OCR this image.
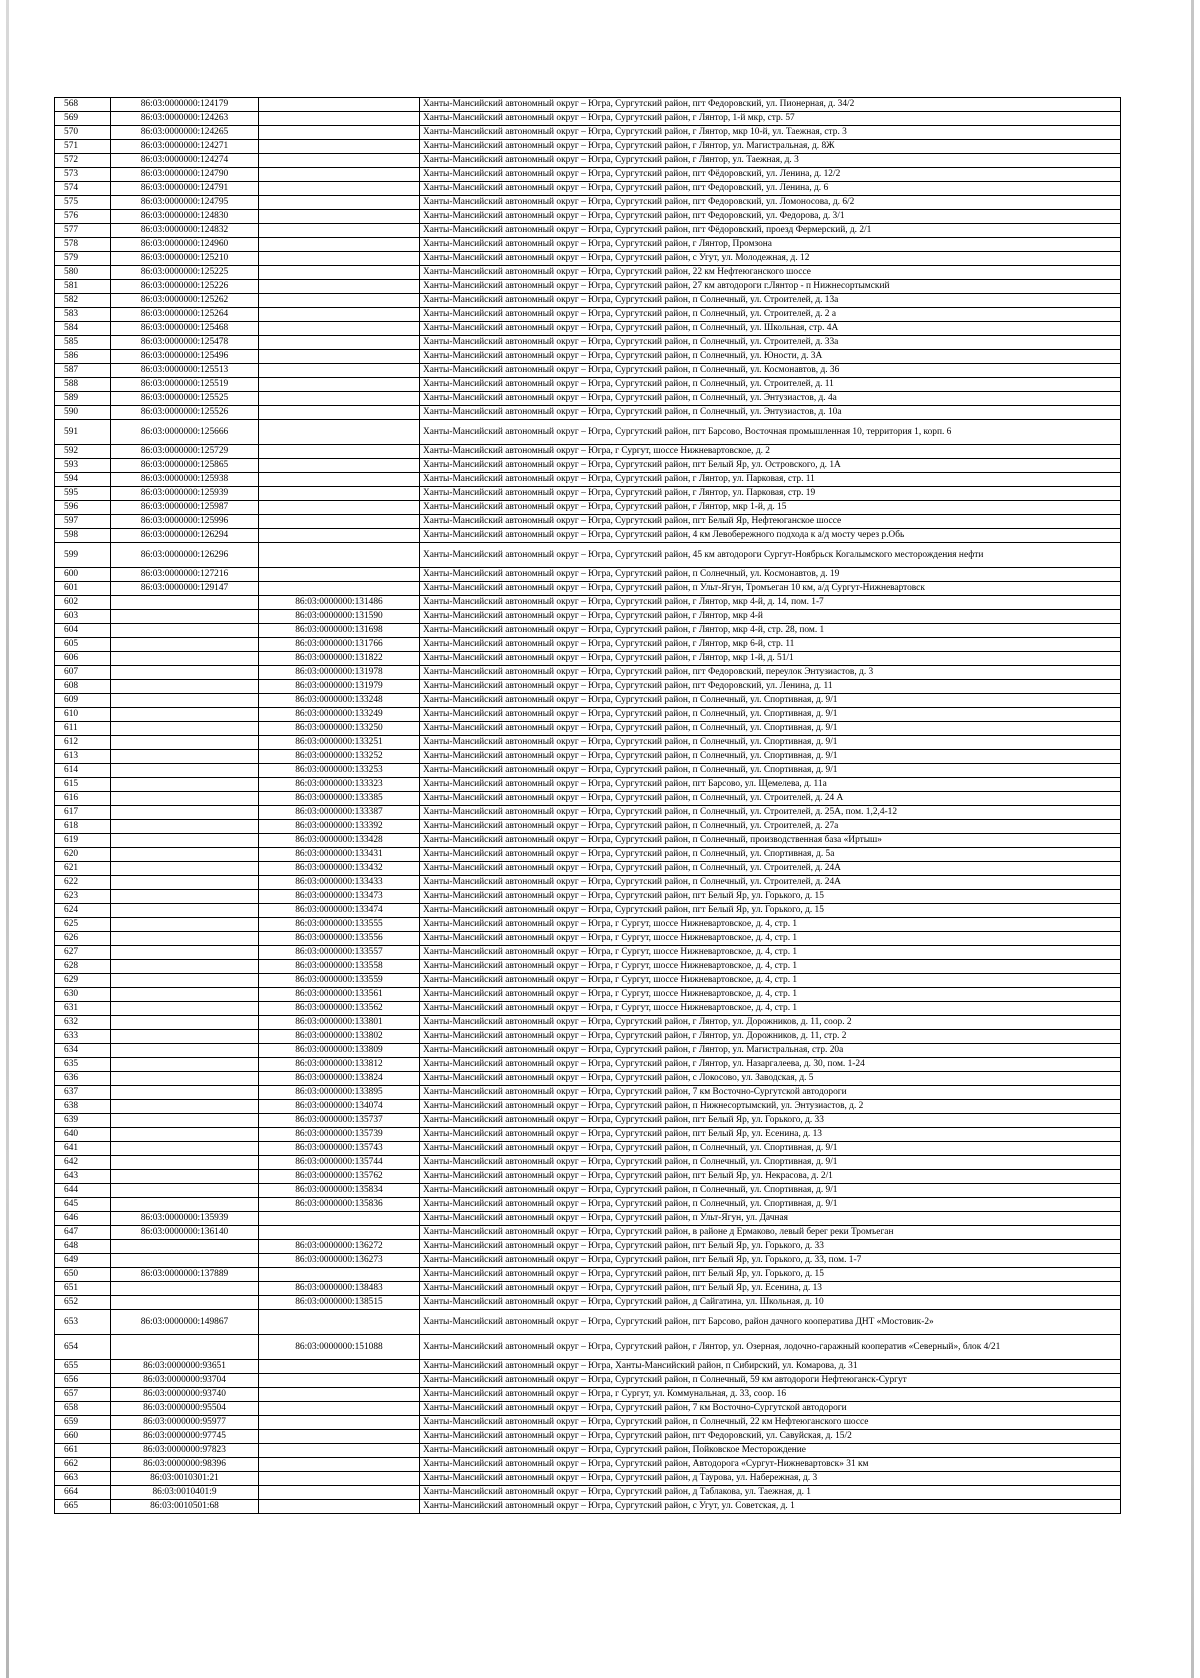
568	86:03:0000000:124179		Ханты-Мансийский автономный округ – Югра, Сургутский район, пгт Федоровский, ул. Пионерная, д. 34/2
569	86:03:0000000:124263		Ханты-Мансийский автономный округ – Югра, Сургутский район, г Лянтор, 1-й мкр, стр. 57
570	86:03:0000000:124265		Ханты-Мансийский автономный округ – Югра, Сургутский район, г Лянтор, мкр 10-й, ул. Таежная, стр. 3
571	86:03:0000000:124271		Ханты-Мансийский автономный округ – Югра, Сургутский район, г Лянтор, ул. Магистральная, д. 8Ж
572	86:03:0000000:124274		Ханты-Мансийский автономный округ – Югра, Сургутский район, г Лянтор, ул. Таежная, д. 3
573	86:03:0000000:124790		Ханты-Мансийский автономный округ – Югра, Сургутский район, пгт Фёдоровский, ул. Ленина, д. 12/2
574	86:03:0000000:124791		Ханты-Мансийский автономный округ – Югра, Сургутский район, пгт Федоровский, ул. Ленина, д. 6
575	86:03:0000000:124795		Ханты-Мансийский автономный округ – Югра, Сургутский район, пгт Федоровский, ул. Ломоносова, д. 6/2
576	86:03:0000000:124830		Ханты-Мансийский автономный округ – Югра, Сургутский район, пгт Федоровский, ул. Федорова, д. 3/1
577	86:03:0000000:124832		Ханты-Мансийский автономный округ – Югра, Сургутский район, пгт Фёдоровский, проезд Фермерский, д. 2/1
578	86:03:0000000:124960		Ханты-Мансийский автономный округ – Югра, Сургутский район, г Лянтор, Промзона
579	86:03:0000000:125210		Ханты-Мансийский автономный округ – Югра, Сургутский район, с Угут, ул. Молодежная, д. 12
580	86:03:0000000:125225		Ханты-Мансийский автономный округ – Югра, Сургутский район, 22 км Нефтеюганского шоссе
581	86:03:0000000:125226		Ханты-Мансийский автономный округ – Югра, Сургутский район, 27 км автодороги г.Лянтор - п Нижнесортымский
582	86:03:0000000:125262		Ханты-Мансийский автономный округ – Югра, Сургутский район, п Солнечный, ул. Строителей, д. 13а
583	86:03:0000000:125264		Ханты-Мансийский автономный округ – Югра, Сургутский район, п Солнечный, ул. Строителей, д. 2 а
584	86:03:0000000:125468		Ханты-Мансийский автономный округ – Югра, Сургутский район, п Солнечный, ул. Школьная, стр. 4А
585	86:03:0000000:125478		Ханты-Мансийский автономный округ – Югра, Сургутский район, п Солнечный, ул. Строителей, д. 33а
586	86:03:0000000:125496		Ханты-Мансийский автономный округ – Югра, Сургутский район, п Солнечный, ул. Юности, д. 3А
587	86:03:0000000:125513		Ханты-Мансийский автономный округ – Югра, Сургутский район, п Солнечный, ул. Космонавтов, д. 36
588	86:03:0000000:125519		Ханты-Мансийский автономный округ – Югра, Сургутский район, п Солнечный, ул. Строителей, д. 11
589	86:03:0000000:125525		Ханты-Мансийский автономный округ – Югра, Сургутский район, п Солнечный, ул. Энтузиастов, д. 4а
590	86:03:0000000:125526		Ханты-Мансийский автономный округ – Югра, Сургутский район, п Солнечный, ул. Энтузиастов, д. 10а
591	86:03:0000000:125666		Ханты-Мансийский автономный округ – Югра, Сургутский район, пгт Барсово, Восточная промышленная 10, территория 1, корп. 6
592	86:03:0000000:125729		Ханты-Мансийский автономный округ – Югра, г Сургут, шоссе Нижневартовское, д. 2
593	86:03:0000000:125865		Ханты-Мансийский автономный округ – Югра, Сургутский район, пгт Белый Яр, ул. Островского, д. 1А
594	86:03:0000000:125938		Ханты-Мансийский автономный округ – Югра, Сургутский район, г Лянтор, ул. Парковая, стр. 11
595	86:03:0000000:125939		Ханты-Мансийский автономный округ – Югра, Сургутский район, г Лянтор, ул. Парковая, стр. 19
596	86:03:0000000:125987		Ханты-Мансийский автономный округ – Югра, Сургутский район, г Лянтор, мкр 1-й, д. 15
597	86:03:0000000:125996		Ханты-Мансийский автономный округ – Югра, Сургутский район, пгт Белый Яр, Нефтеюганское шоссе
598	86:03:0000000:126294		Ханты-Мансийский автономный округ – Югра, Сургутский район, 4 км Левобережного подхода к а/д мосту через р.Обь
599	86:03:0000000:126296		Ханты-Мансийский автономный округ – Югра, Сургутский район, 45 км автодороги Сургут-Ноябрьск Когалымского месторождения нефти
600	86:03:0000000:127216		Ханты-Мансийский автономный округ – Югра, Сургутский район, п Солнечный, ул. Космонавтов, д. 19
601	86:03:0000000:129147		Ханты-Мансийский автономный округ – Югра, Сургутский район, п Ульт-Ягун, Тромъеган 10 км, а/д Сургут-Нижневартовск
602		86:03:0000000:131486	Ханты-Мансийский автономный округ – Югра, Сургутский район, г Лянтор, мкр 4-й, д. 14, пом. 1-7
603		86:03:0000000:131590	Ханты-Мансийский автономный округ – Югра, Сургутский район, г Лянтор, мкр 4-й
604		86:03:0000000:131698	Ханты-Мансийский автономный округ – Югра, Сургутский район, г Лянтор, мкр 4-й, стр. 28, пом. 1
605		86:03:0000000:131766	Ханты-Мансийский автономный округ – Югра, Сургутский район, г Лянтор, мкр 6-й, стр. 11
606		86:03:0000000:131822	Ханты-Мансийский автономный округ – Югра, Сургутский район, г Лянтор, мкр 1-й, д. 51/1
607		86:03:0000000:131978	Ханты-Мансийский автономный округ – Югра, Сургутский район, пгт Федоровский, переулок Энтузиастов, д. 3
608		86:03:0000000:131979	Ханты-Мансийский автономный округ – Югра, Сургутский район, пгт Федоровский, ул. Ленина, д. 11
609		86:03:0000000:133248	Ханты-Мансийский автономный округ – Югра, Сургутский район, п Солнечный, ул. Спортивная, д. 9/1
610		86:03:0000000:133249	Ханты-Мансийский автономный округ – Югра, Сургутский район, п Солнечный, ул. Спортивная, д. 9/1
611		86:03:0000000:133250	Ханты-Мансийский автономный округ – Югра, Сургутский район, п Солнечный, ул. Спортивная, д. 9/1
612		86:03:0000000:133251	Ханты-Мансийский автономный округ – Югра, Сургутский район, п Солнечный, ул. Спортивная, д. 9/1
613		86:03:0000000:133252	Ханты-Мансийский автономный округ – Югра, Сургутский район, п Солнечный, ул. Спортивная, д. 9/1
614		86:03:0000000:133253	Ханты-Мансийский автономный округ – Югра, Сургутский район, п Солнечный, ул. Спортивная, д. 9/1
615		86:03:0000000:133323	Ханты-Мансийский автономный округ – Югра, Сургутский район, пгт Барсово, ул. Щемелева, д. 11а
616		86:03:0000000:133385	Ханты-Мансийский автономный округ – Югра, Сургутский район, п Солнечный, ул. Строителей, д. 24 А
617		86:03:0000000:133387	Ханты-Мансийский автономный округ – Югра, Сургутский район, п Солнечный, ул. Строителей, д. 25А, пом. 1,2,4-12
618		86:03:0000000:133392	Ханты-Мансийский автономный округ – Югра, Сургутский район, п Солнечный, ул. Строителей, д. 27а
619		86:03:0000000:133428	Ханты-Мансийский автономный округ – Югра, Сургутский район, п Солнечный, производственная база «Иртыш»
620		86:03:0000000:133431	Ханты-Мансийский автономный округ – Югра, Сургутский район, п Солнечный, ул. Спортивная, д. 5а
621		86:03:0000000:133432	Ханты-Мансийский автономный округ – Югра, Сургутский район, п Солнечный, ул. Строителей, д. 24А
622		86:03:0000000:133433	Ханты-Мансийский автономный округ – Югра, Сургутский район, п Солнечный, ул. Строителей, д. 24А
623		86:03:0000000:133473	Ханты-Мансийский автономный округ – Югра, Сургутский район, пгт Белый Яр, ул. Горького, д. 15
624		86:03:0000000:133474	Ханты-Мансийский автономный округ – Югра, Сургутский район, пгт Белый Яр, ул. Горького, д. 15
625		86:03:0000000:133555	Ханты-Мансийский автономный округ – Югра, г Сургут, шоссе Нижневартовское, д. 4, стр. 1
626		86:03:0000000:133556	Ханты-Мансийский автономный округ – Югра, г Сургут, шоссе Нижневартовское, д. 4, стр. 1
627		86:03:0000000:133557	Ханты-Мансийский автономный округ – Югра, г Сургут, шоссе Нижневартовское, д. 4, стр. 1
628		86:03:0000000:133558	Ханты-Мансийский автономный округ – Югра, г Сургут, шоссе Нижневартовское, д. 4, стр. 1
629		86:03:0000000:133559	Ханты-Мансийский автономный округ – Югра, г Сургут, шоссе Нижневартовское, д. 4, стр. 1
630		86:03:0000000:133561	Ханты-Мансийский автономный округ – Югра, г Сургут, шоссе Нижневартовское, д. 4, стр. 1
631		86:03:0000000:133562	Ханты-Мансийский автономный округ – Югра, г Сургут, шоссе Нижневартовское, д. 4, стр. 1
632		86:03:0000000:133801	Ханты-Мансийский автономный округ – Югра, Сургутский район, г Лянтор, ул. Дорожников, д. 11, соор. 2
633		86:03:0000000:133802	Ханты-Мансийский автономный округ – Югра, Сургутский район, г Лянтор, ул. Дорожников, д. 11, стр. 2
634		86:03:0000000:133809	Ханты-Мансийский автономный округ – Югра, Сургутский район, г Лянтор, ул. Магистральная, стр. 20а
635		86:03:0000000:133812	Ханты-Мансийский автономный округ – Югра, Сургутский район, г Лянтор, ул. Назаргалеева, д. 30, пом. 1-24
636		86:03:0000000:133824	Ханты-Мансийский автономный округ – Югра, Сургутский район, с Локосово, ул. Заводская, д. 5
637		86:03:0000000:133895	Ханты-Мансийский автономный округ – Югра, Сургутский район, 7 км Восточно-Сургутской автодороги
638		86:03:0000000:134074	Ханты-Мансийский автономный округ – Югра, Сургутский район, п Нижнесортымский, ул. Энтузиастов, д. 2
639		86:03:0000000:135737	Ханты-Мансийский автономный округ – Югра, Сургутский район, пгт Белый Яр, ул. Горького, д. 33
640		86:03:0000000:135739	Ханты-Мансийский автономный округ – Югра, Сургутский район, пгт Белый Яр, ул. Есенина, д. 13
641		86:03:0000000:135743	Ханты-Мансийский автономный округ – Югра, Сургутский район, п Солнечный, ул. Спортивная, д. 9/1
642		86:03:0000000:135744	Ханты-Мансийский автономный округ – Югра, Сургутский район, п Солнечный, ул. Спортивная, д. 9/1
643		86:03:0000000:135762	Ханты-Мансийский автономный округ – Югра, Сургутский район, пгт Белый Яр, ул. Некрасова, д. 2/1
644		86:03:0000000:135834	Ханты-Мансийский автономный округ – Югра, Сургутский район, п Солнечный, ул. Спортивная, д. 9/1
645		86:03:0000000:135836	Ханты-Мансийский автономный округ – Югра, Сургутский район, п Солнечный, ул. Спортивная, д. 9/1
646	86:03:0000000:135939		Ханты-Мансийский автономный округ – Югра, Сургутский район, п Ульт-Ягун, ул. Дачная
647	86:03:0000000:136140		Ханты-Мансийский автономный округ – Югра, Сургутский район, в районе д Ермаково, левый берег реки Тромъеган
648		86:03:0000000:136272	Ханты-Мансийский автономный округ – Югра, Сургутский район, пгт Белый Яр, ул. Горького, д. 33
649		86:03:0000000:136273	Ханты-Мансийский автономный округ – Югра, Сургутский район, пгт Белый Яр, ул. Горького, д. 33, пом. 1-7
650	86:03:0000000:137889		Ханты-Мансийский автономный округ – Югра, Сургутский район, пгт Белый Яр, ул. Горького, д. 15
651		86:03:0000000:138483	Ханты-Мансийский автономный округ – Югра, Сургутский район, пгт Белый Яр, ул. Есенина, д. 13
652		86:03:0000000:138515	Ханты-Мансийский автономный округ – Югра, Сургутский район, д Сайгатина, ул. Школьная, д. 10
653	86:03:0000000:149867		Ханты-Мансийский автономный округ – Югра, Сургутский район, пгт Барсово, район дачного кооператива ДНТ «Мостовик-2»
654		86:03:0000000:151088	Ханты-Мансийский автономный округ – Югра, Сургутский район, г Лянтор, ул. Озерная, лодочно-гаражный кооператив «Северный», блок 4/21
655	86:03:0000000:93651		Ханты-Мансийский автономный округ – Югра, Ханты-Мансийский район, п Сибирский, ул. Комарова, д. 31
656	86:03:0000000:93704		Ханты-Мансийский автономный округ – Югра, Сургутский район, п Солнечный, 59 км автодороги Нефтеюганск-Сургут
657	86:03:0000000:93740		Ханты-Мансийский автономный округ – Югра, г Сургут, ул. Коммунальная, д. 33, соор. 16
658	86:03:0000000:95504		Ханты-Мансийский автономный округ – Югра, Сургутский район, 7 км Восточно-Сургутской автодороги
659	86:03:0000000:95977		Ханты-Мансийский автономный округ – Югра, Сургутский район, п Солнечный, 22 км Нефтеюганского шоссе
660	86:03:0000000:97745		Ханты-Мансийский автономный округ – Югра, Сургутский район, пгт Федоровский, ул. Савуйская, д. 15/2
661	86:03:0000000:97823		Ханты-Мансийский автономный округ – Югра, Сургутский район, Пойковское Месторождение
662	86:03:0000000:98396		Ханты-Мансийский автономный округ – Югра, Сургутский район, Автодорога «Сургут-Нижневартовск» 31 км
663	86:03:0010301:21		Ханты-Мансийский автономный округ – Югра, Сургутский район, д Таурова, ул. Набережная, д. 3
664	86:03:0010401:9		Ханты-Мансийский автономный округ – Югра, Сургутский район, д Таблакова, ул. Таежная, д. 1
665	86:03:0010501:68		Ханты-Мансийский автономный округ – Югра, Сургутский район, с Угут, ул. Советская, д. 1
